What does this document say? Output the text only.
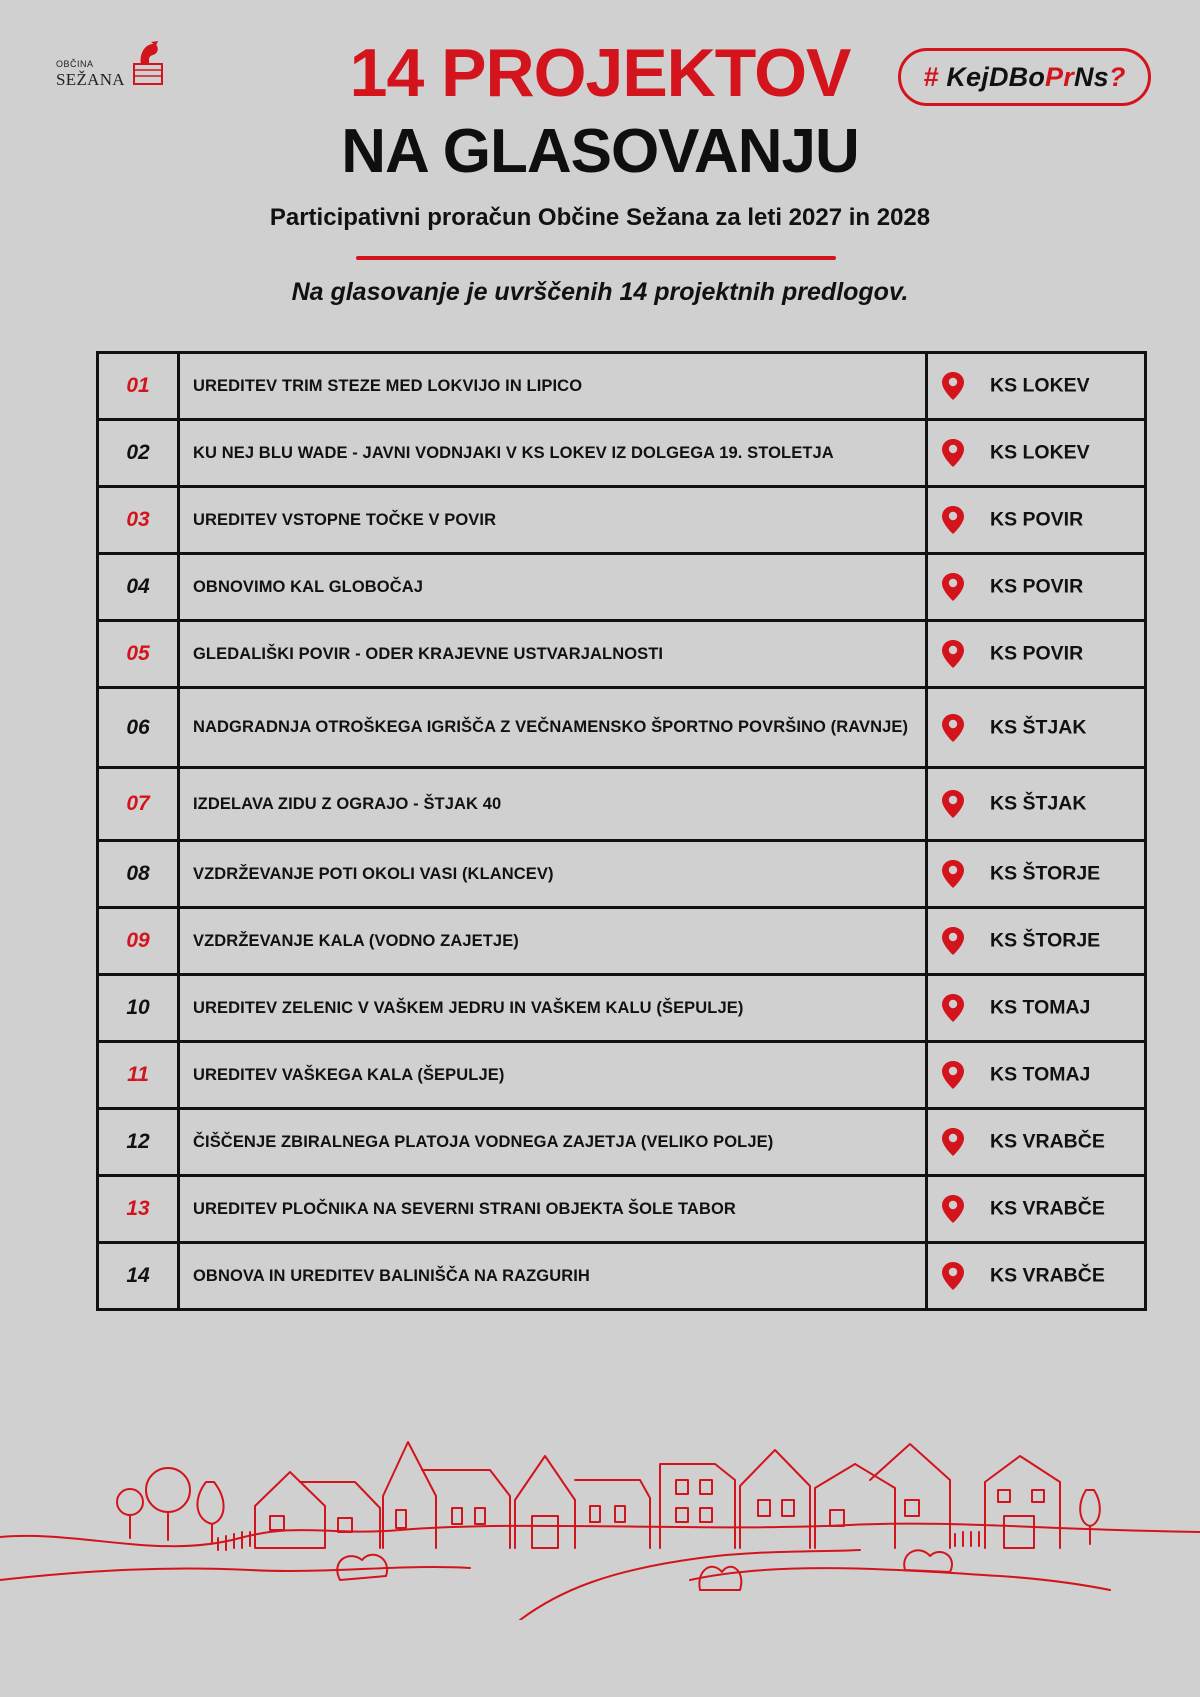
OBČINA
SEŽANA	#
KejDBo Pr Ns ?
14 PROJEKTOV
NA GLASOVANJU
Participativni proračun Občine Sežana za leti 2027 in 2028
Na glasovanje je uvrščenih 14 projektnih predlogov.
01	UREDITEV TRIM STEZE MED LOKVIJO IN LIPICO	KS LOKEV

02	KU NEJ BLU WADE - JAVNI VODNJAKI V KS LOKEV IZ DOLGEGA 19. STOLETJA	KS LOKEV

03	UREDITEV VSTOPNE TOČKE V POVIR	KS POVIR

04	OBNOVIMO KAL GLOBOČAJ	KS POVIR

05	GLEDALIŠKI POVIR - ODER KRAJEVNE USTVARJALNOSTI	KS POVIR

06	NADGRADNJA OTROŠKEGA IGRIŠČA Z VEČNAMENSKO ŠPORTNO POVRŠINO (RAVNJE)	KS ŠTJAK

07	IZDELAVA ZIDU Z OGRAJO - ŠTJAK 40	KS ŠTJAK

08	VZDRŽEVANJE POTI OKOLI VASI (KLANCEV)	KS ŠTORJE

09	VZDRŽEVANJE KALA (VODNO ZAJETJE)	KS ŠTORJE

10	UREDITEV ZELENIC V VAŠKEM JEDRU IN VAŠKEM KALU (ŠEPULJE)	KS TOMAJ

11	UREDITEV VAŠKEGA KALA (ŠEPULJE)	KS TOMAJ

12	ČIŠČENJE ZBIRALNEGA PLATOJA VODNEGA ZAJETJA (VELIKO POLJE)	KS VRABČE

13	UREDITEV PLOČNIKA NA SEVERNI STRANI OBJEKTA ŠOLE TABOR	KS VRABČE

14	OBNOVA IN UREDITEV BALINIŠČA NA RAZGURIH	KS VRABČE
